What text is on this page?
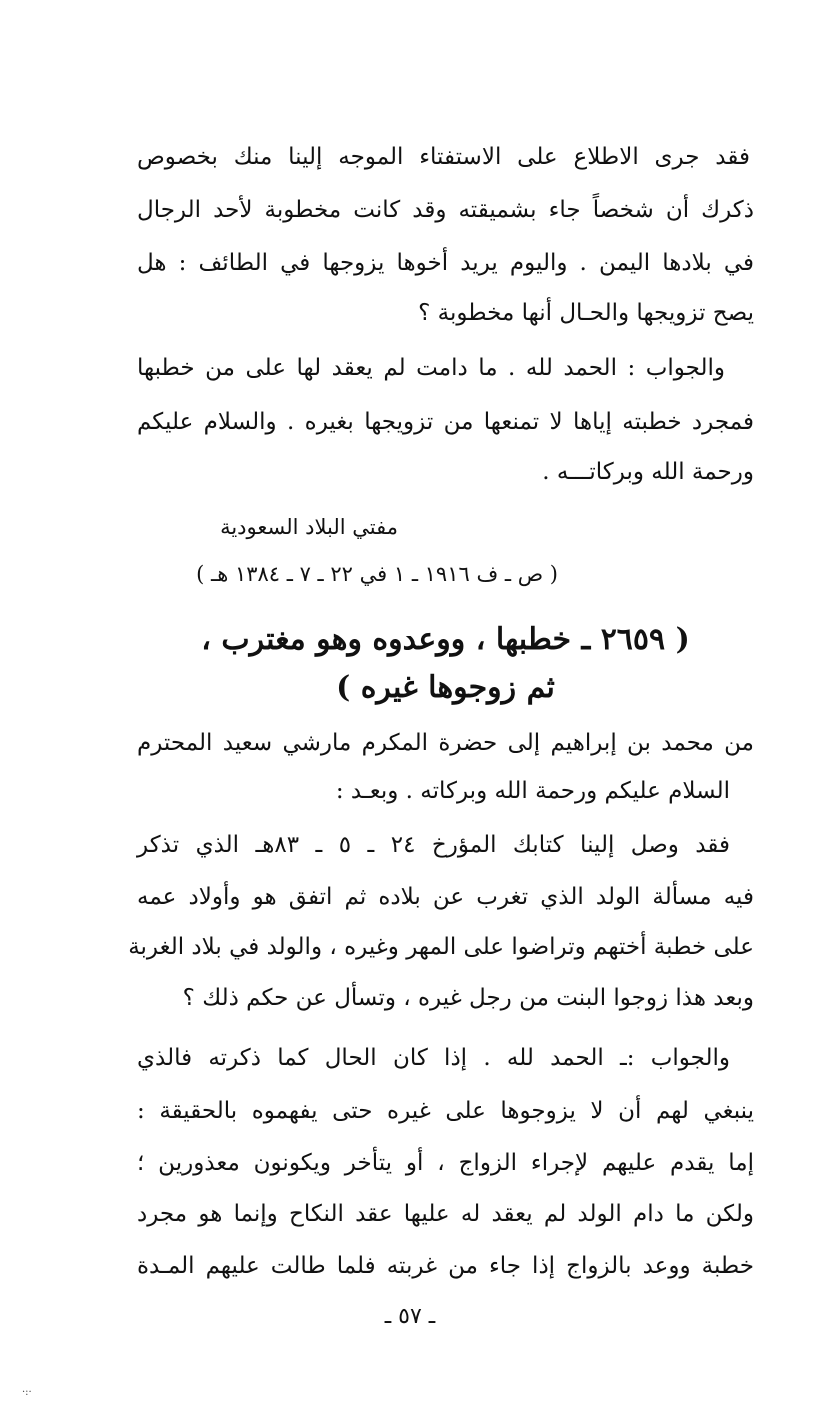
فقد جرى الاطلاع على الاستفتاء الموجه إلينا منك بخصوص
ذكرك أن شخصاً جاء بشميقته وقد كانت مخطوبة لأحد الرجال
في بلادها اليمن . واليوم يريد أخوها يزوجها في الطائف : هل
يصح تزويجها والحـال أنها مخطوبة ؟
والجواب : الحمد لله . ما دامت لم يعقد لها على من خطبها
فمجرد خطبته إياها لا تمنعها من تزويجها بغيره . والسلام عليكم
ورحمة الله وبركاتـــه .
مفتي البلاد السعودية
( ص ـ ف ١٩١٦ ـ ١ في ٢٢ ـ ٧ ـ ١٣٨٤ هـ )
( ٢٦٥٩ ـ خطبها ، ووعدوه وهو مغترب ،
ثم زوجوها غيره )
من محمد بن إبراهيم إلى حضرة المكرم مارشي سعيد المحترم
السلام عليكم ورحمة الله وبركاته . وبعـد :
فقد وصل إلينا كتابك المؤرخ ٢٤ ـ ٥ ـ ٨٣هـ الذي تذكر
فيه مسألة الولد الذي تغرب عن بلاده ثم اتفق هو وأولاد عمه
على خطبة أختهم وتراضوا على المهر وغيره ، والولد في بلاد الغربة
وبعد هذا زوجوا البنت من رجل غيره ، وتسأل عن حكم ذلك ؟
والجواب :ـ الحمد لله . إذا كان الحال كما ذكرته فالذي
ينبغي لهم أن لا يزوجوها على غيره حتى يفهموه بالحقيقة :
إما يقدم عليهم لإجراء الزواج ، أو يتأخر ويكونون معذورين ؛
ولكن ما دام الولد لم يعقد له عليها عقد النكاح وإنما هو مجرد
خطبة ووعد بالزواج إذا جاء من غربته فلما طالت عليهم المـدة
ـ ٥٧ ـ
·:·
